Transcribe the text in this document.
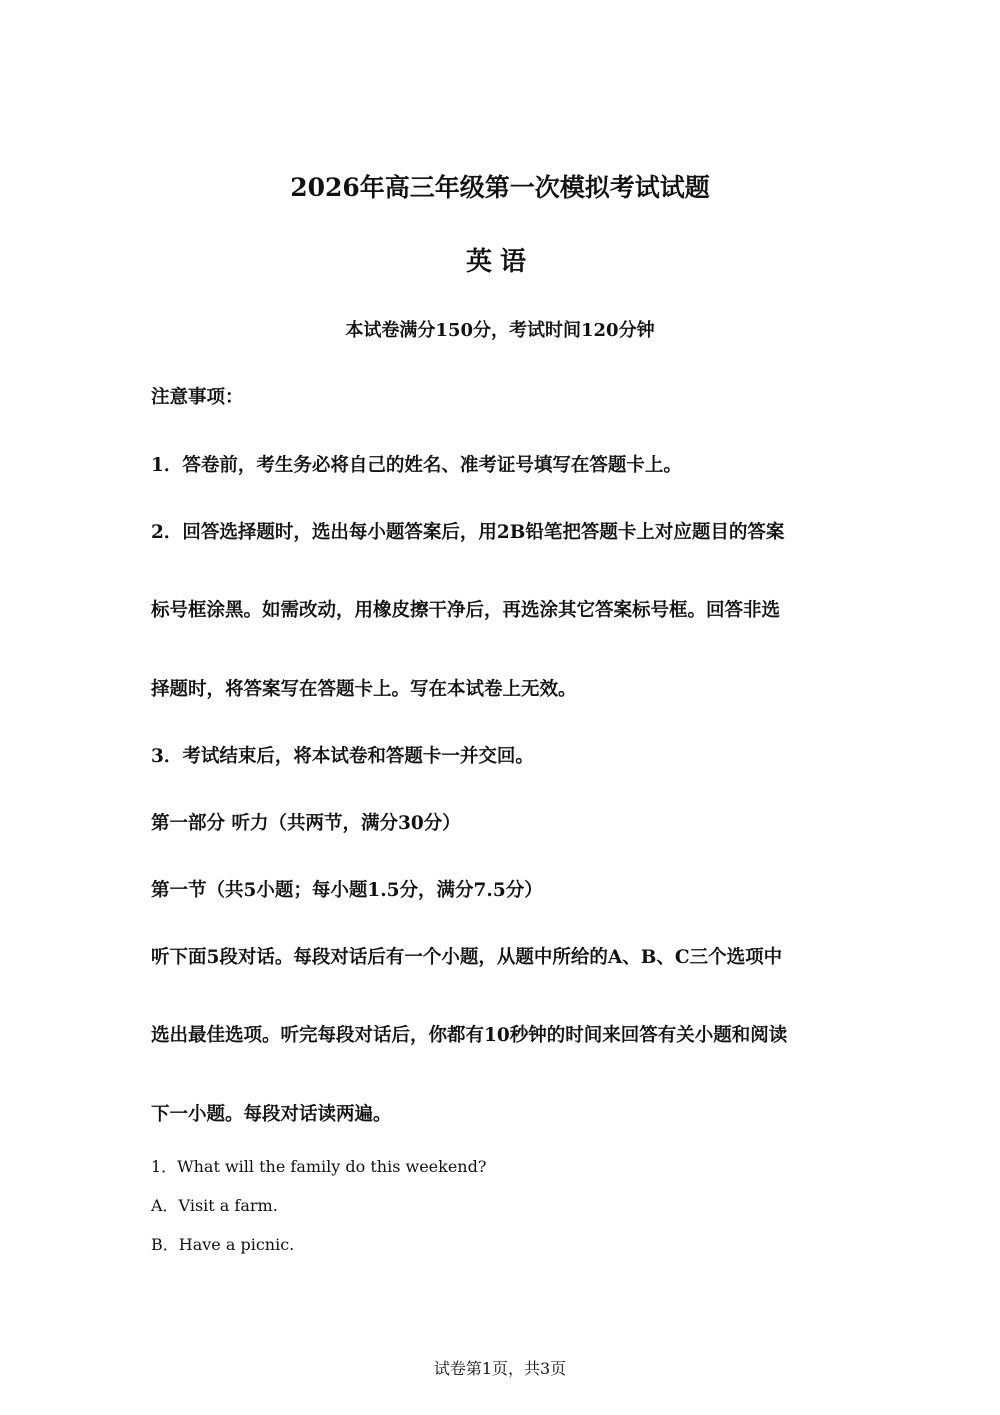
2026年高三年级第一次模拟考试试题
英语
本试卷满分150分，考试时间120分钟
注意事项：
1．答卷前，考生务必将自己的姓名、准考证号填写在答题卡上。
2．回答选择题时，选出每小题答案后，用2B铅笔把答题卡上对应题目的答案
标号框涂黑。如需改动，用橡皮擦干净后，再选涂其它答案标号框。回答非选
择题时，将答案写在答题卡上。写在本试卷上无效。
3．考试结束后，将本试卷和答题卡一并交回。
第一部分 听力（共两节，满分30分）
第一节（共5小题；每小题1.5分，满分7.5分）
听下面5段对话。每段对话后有一个小题，从题中所给的A、B、C三个选项中
选出最佳选项。听完每段对话后，你都有10秒钟的时间来回答有关小题和阅读
下一小题。每段对话读两遍。
1．What will the family do this weekend?
A．Visit a farm.
B．Have a picnic.
试卷第1页，共3页
